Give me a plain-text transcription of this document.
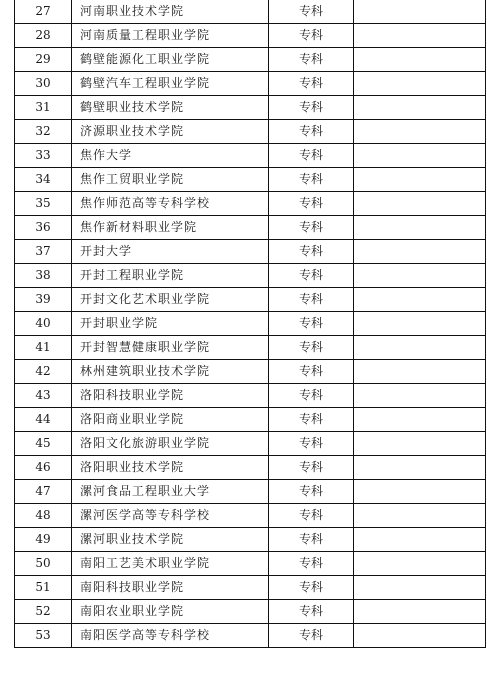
27	河南职业技术学院	专科	
28	河南质量工程职业学院	专科	
29	鹤壁能源化工职业学院	专科	
30	鹤壁汽车工程职业学院	专科	
31	鹤壁职业技术学院	专科	
32	济源职业技术学院	专科	
33	焦作大学	专科	
34	焦作工贸职业学院	专科	
35	焦作师范高等专科学校	专科	
36	焦作新材料职业学院	专科	
37	开封大学	专科	
38	开封工程职业学院	专科	
39	开封文化艺术职业学院	专科	
40	开封职业学院	专科	
41	开封智慧健康职业学院	专科	
42	林州建筑职业技术学院	专科	
43	洛阳科技职业学院	专科	
44	洛阳商业职业学院	专科	
45	洛阳文化旅游职业学院	专科	
46	洛阳职业技术学院	专科	
47	漯河食品工程职业大学	专科	
48	漯河医学高等专科学校	专科	
49	漯河职业技术学院	专科	
50	南阳工艺美术职业学院	专科	
51	南阳科技职业学院	专科	
52	南阳农业职业学院	专科	
53	南阳医学高等专科学校	专科	
